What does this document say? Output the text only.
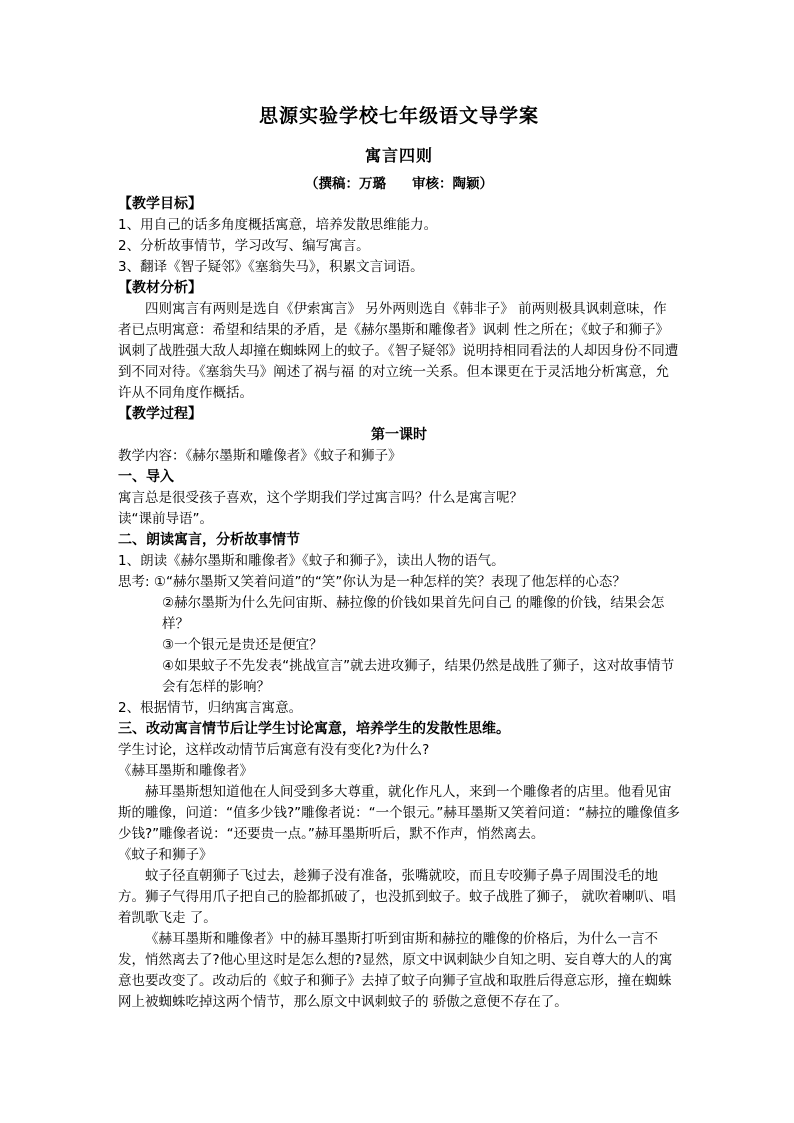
思源实验学校七年级语文导学案
寓言四则
（撰稿：万璐 审核：陶颖）
【教学目标】

1、用自己的话多角度概括寓意，培养发散思维能力。

2、分析故事情节，学习改写、编写寓言。

3、翻译《智子疑邻》《塞翁失马》，积累文言词语。

【教材分析】

四则寓言有两则是选自《伊索寓言》 另外两则选自《韩非子》 前两则极具讽刺意味，作者已点明寓意：希望和结果的矛盾，是《赫尔墨斯和雕像者》讽刺 性之所在；《蚊子和狮子》讽刺了战胜强大敌人却撞在蜘蛛网上的蚊子。《智子疑邻》说明持相同看法的人却因身份不同遭到不同对待。《塞翁失马》阐述了祸与福 的对立统一关系。但本课更在于灵活地分析寓意，允许从不同角度作概括。

【教学过程】
第一课时

教学内容：《赫尔墨斯和雕像者》《蚊子和狮子》

一、导入

寓言总是很受孩子喜欢，这个学期我们学过寓言吗？什么是寓言呢？

读“课前导语”。

二、朗读寓言，分析故事情节

1、朗读《赫尔墨斯和雕像者》《蚊子和狮子》，读出人物的语气。

思考: ①“赫尔墨斯又笑着问道”的“笑”你认为是一种怎样的笑？表现了他怎样的心态？

②赫尔墨斯为什么先问宙斯、赫拉像的价钱如果首先问自己 的雕像的价钱，结果会怎样？

③一个银元是贵还是便宜？

④如果蚊子不先发表“挑战宣言”就去进攻狮子，结果仍然是战胜了狮子，这对故事情节会有怎样的影响？

2、根据情节，归纳寓言寓意。

三、改动寓言情节后让学生讨论寓意，培养学生的发散性思维。

学生讨论，这样改动情节后寓意有没有变化?为什么?

《赫耳墨斯和雕像者》

赫耳墨斯想知道他在人间受到多大尊重，就化作凡人，来到一个雕像者的店里。他看见宙斯的雕像，问道：“值多少钱?”雕像者说：“一个银元。”赫耳墨斯又笑着问道：“赫拉的雕像值多少钱?”雕像者说：“还要贵一点。”赫耳墨斯听后，默不作声，悄然离去。

《蚊子和狮子》

蚊子径直朝狮子飞过去，趁狮子没有准备，张嘴就咬，而且专咬狮子鼻子周围没毛的地方。狮子气得用爪子把自己的脸都抓破了，也没抓到蚊子。蚊子战胜了狮子， 就吹着喇叭、唱着凯歌飞走 了。

《赫耳墨斯和雕像者》中的赫耳墨斯打听到宙斯和赫拉的雕像的价格后，为什么一言不发，悄然离去了?他心里这时是怎么想的?显然，原文中讽刺缺少自知之明、妄自尊大的人的寓意也要改变了。改动后的《蚊子和狮子》去掉了蚊子向狮子宣战和取胜后得意忘形，撞在蜘蛛网上被蜘蛛吃掉这两个情节，那么原文中讽刺蚊子的 骄傲之意便不存在了。
